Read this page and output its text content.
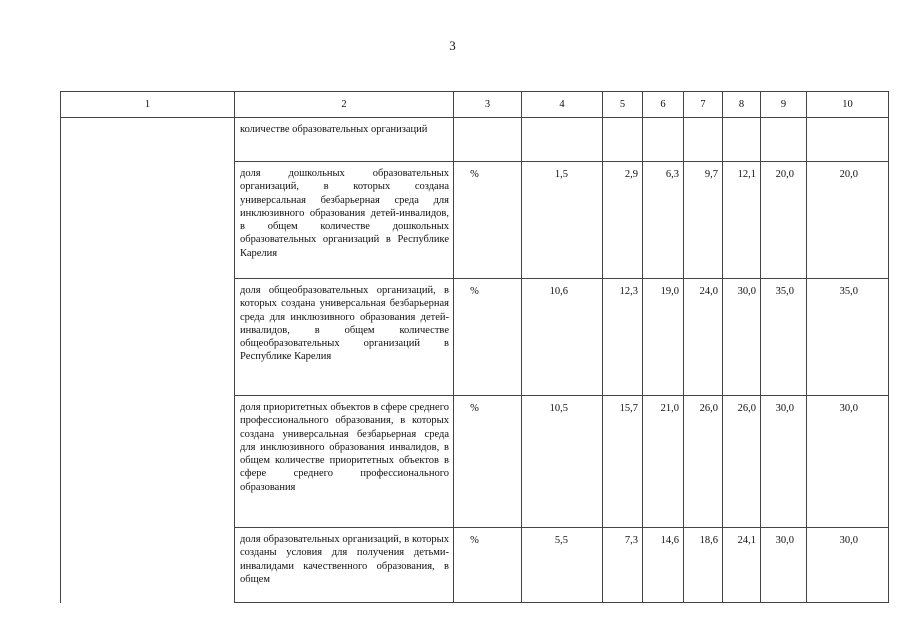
3
1	2	3	4	5	6	7	8	9	10
	количестве образовательных организаций								
	доля дошкольных образовательных организаций, в которых создана универсальная безбарьерная среда для инклюзивного образования детей-инвалидов, в общем количестве дошкольных образовательных организаций в Республике Карелия	%	1,5	2,9	6,3	9,7	12,1	20,0	20,0
	доля общеобразовательных организаций, в которых создана универсальная безбарьерная среда для инклюзивного образования детей-инвалидов, в общем количестве общеобразовательных организаций в Республике Карелия	%	10,6	12,3	19,0	24,0	30,0	35,0	35,0
	доля приоритетных объектов в сфере среднего профессионального образования, в которых создана универсальная безбарьерная среда для инклюзивного образования инвалидов, в общем количестве приоритетных объектов в сфере среднего профессионального образования	%	10,5	15,7	21,0	26,0	26,0	30,0	30,0
	доля образовательных организаций, в которых созданы условия для получения детьми-инвалидами качественного образования, в общем	%	5,5	7,3	14,6	18,6	24,1	30,0	30,0
